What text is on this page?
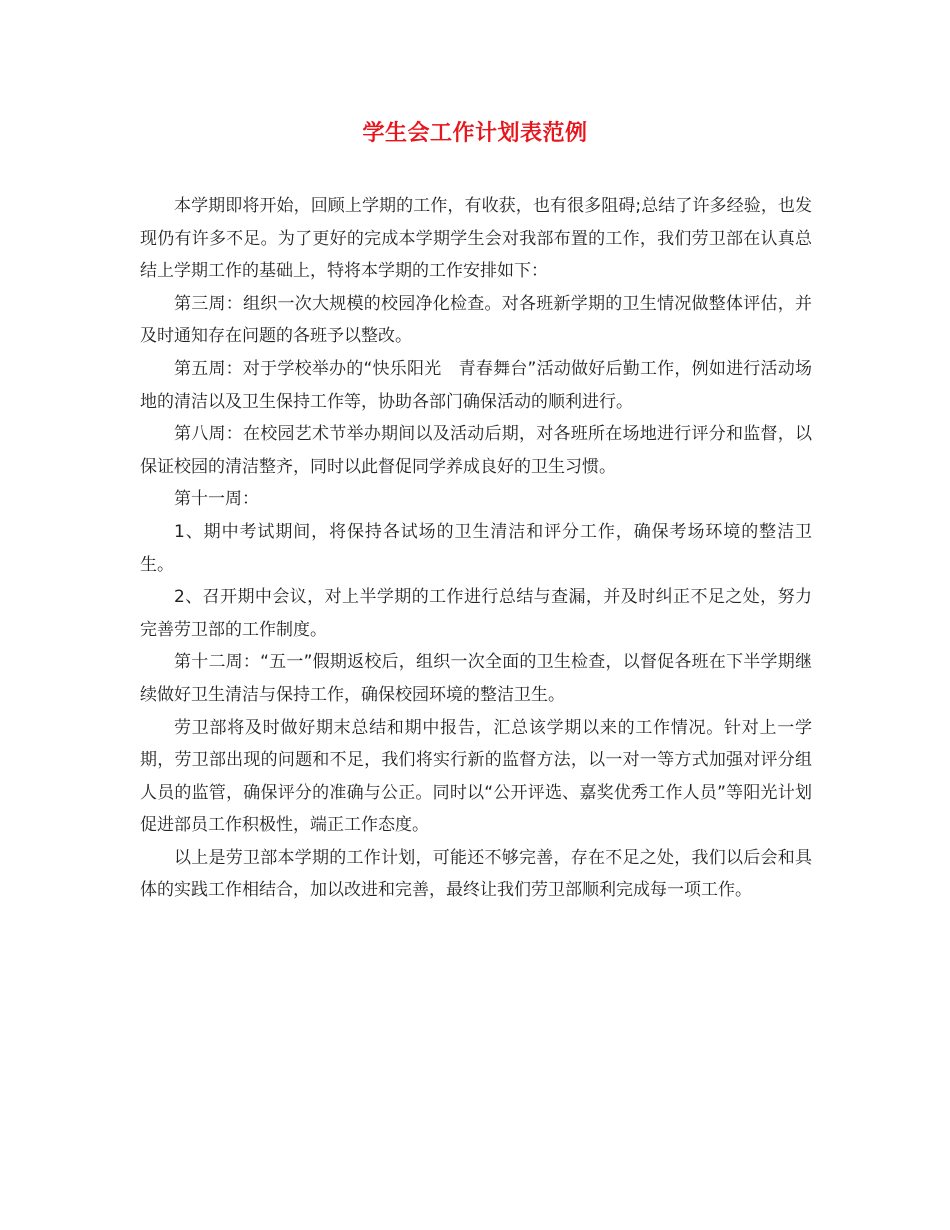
学生会工作计划表范例

本学期即将开始，回顾上学期的工作，有收获，也有很多阻碍;总结了许多经验，也发现仍有许多不足。为了更好的完成本学期学生会对我部布置的工作，我们劳卫部在认真总结上学期工作的基础上，特将本学期的工作安排如下：

第三周：组织一次大规模的校园净化检查。对各班新学期的卫生情况做整体评估，并及时通知存在问题的各班予以整改。

第五周：对于学校举办的“快乐阳光　青春舞台”活动做好后勤工作，例如进行活动场地的清洁以及卫生保持工作等，协助各部门确保活动的顺利进行。

第八周：在校园艺术节举办期间以及活动后期，对各班所在场地进行评分和监督，以保证校园的清洁整齐，同时以此督促同学养成良好的卫生习惯。

第十一周：

1、期中考试期间，将保持各试场的卫生清洁和评分工作，确保考场环境的整洁卫生。

2、召开期中会议，对上半学期的工作进行总结与查漏，并及时纠正不足之处，努力完善劳卫部的工作制度。

第十二周：“五一”假期返校后，组织一次全面的卫生检查，以督促各班在下半学期继续做好卫生清洁与保持工作，确保校园环境的整洁卫生。

劳卫部将及时做好期末总结和期中报告，汇总该学期以来的工作情况。针对上一学期，劳卫部出现的问题和不足，我们将实行新的监督方法，以一对一等方式加强对评分组人员的监管，确保评分的准确与公正。同时以“公开评选、嘉奖优秀工作人员”等阳光计划促进部员工作积极性，端正工作态度。

以上是劳卫部本学期的工作计划，可能还不够完善，存在不足之处，我们以后会和具体的实践工作相结合，加以改进和完善，最终让我们劳卫部顺利完成每一项工作。
